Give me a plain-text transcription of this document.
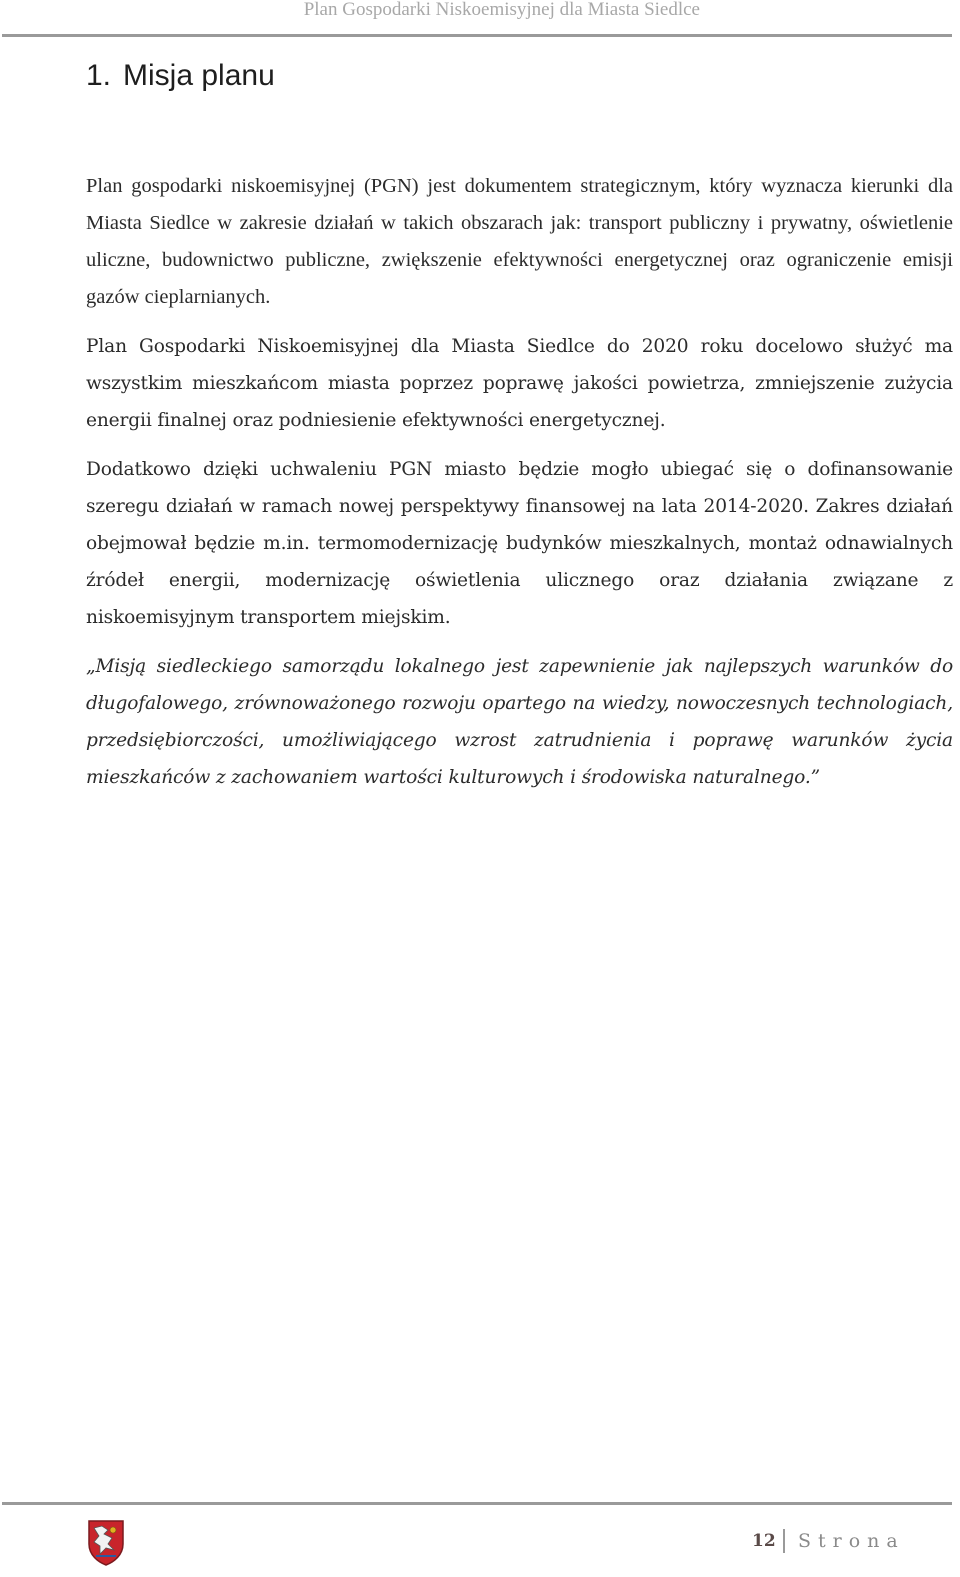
Plan Gospodarki Niskoemisyjnej dla Miasta Siedlce
1. Misja planu

Plan gospodarki niskoemisyjnej (PGN) jest dokumentem strategicznym, który wyznacza kierunki dla Miasta Siedlce w zakresie działań w takich obszarach jak: transport publiczny i prywatny, oświetlenie uliczne, budownictwo publiczne, zwiększenie efektywności energetycznej oraz ograniczenie emisji gazów cieplarnianych.

Plan Gospodarki Niskoemisyjnej dla Miasta Siedlce do 2020 roku docelowo służyć ma wszystkim mieszkańcom miasta poprzez poprawę jakości powietrza, zmniejszenie zużycia energii finalnej oraz podniesienie efektywności energetycznej.

Dodatkowo dzięki uchwaleniu PGN miasto będzie mogło ubiegać się o dofinansowanie szeregu działań w ramach nowej perspektywy finansowej na lata 2014-2020. Zakres działań obejmował będzie m.in. termomodernizację budynków mieszkalnych, montaż odnawialnych źródeł energii, modernizację oświetlenia ulicznego oraz działania związane z niskoemisyjnym transportem miejskim.

„Misją siedleckiego samorządu lokalnego jest zapewnienie jak najlepszych warunków do długofalowego, zrównoważonego rozwoju opartego na wiedzy, nowoczesnych technologiach, przedsiębiorczości, umożliwiającego wzrost zatrudnienia i poprawę warunków życia mieszkańców z zachowaniem wartości kulturowych i środowiska naturalnego.”

12 Strona
